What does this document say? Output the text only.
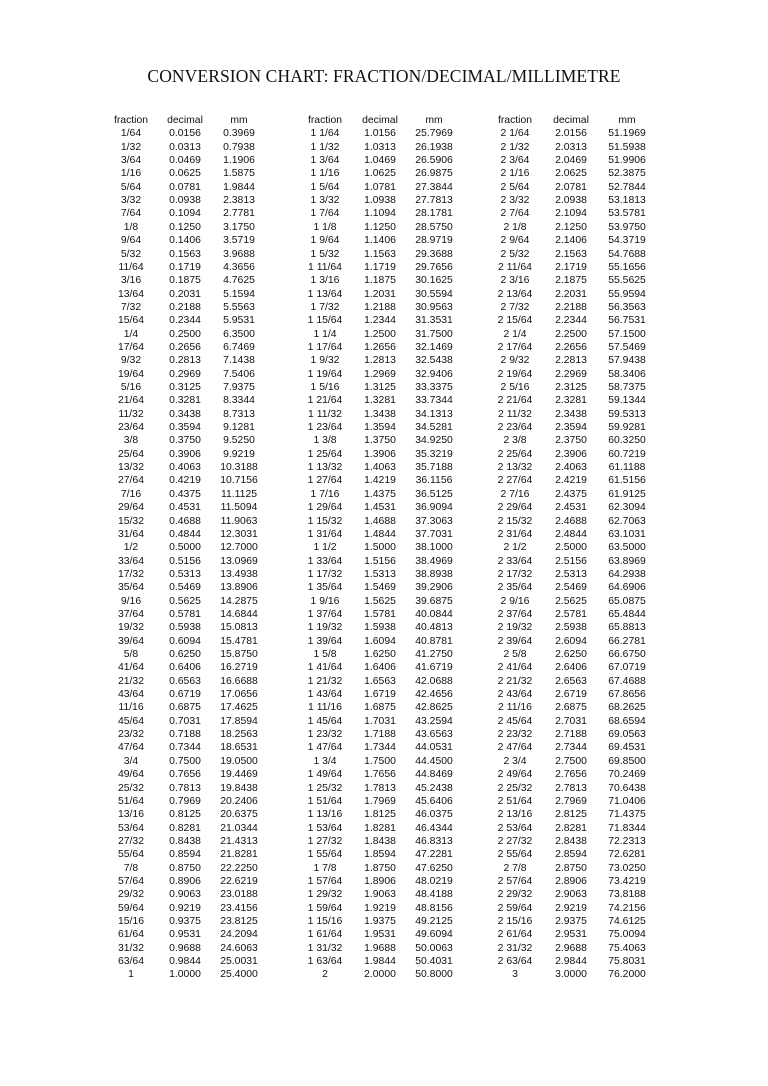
CONVERSION CHART: FRACTION/DECIMAL/MILLIMETRE
fraction	decimal	mm
1/64	0.0156	0.3969
1/32	0.0313	0.7938
3/64	0.0469	1.1906
1/16	0.0625	1.5875
5/64	0.0781	1.9844
3/32	0.0938	2.3813
7/64	0.1094	2.7781
1/8	0.1250	3.1750
9/64	0.1406	3.5719
5/32	0.1563	3.9688
11/64	0.1719	4.3656
3/16	0.1875	4.7625
13/64	0.2031	5.1594
7/32	0.2188	5.5563
15/64	0.2344	5.9531
1/4	0.2500	6.3500
17/64	0.2656	6.7469
9/32	0.2813	7.1438
19/64	0.2969	7.5406
5/16	0.3125	7.9375
21/64	0.3281	8.3344
11/32	0.3438	8.7313
23/64	0.3594	9.1281
3/8	0.3750	9.5250
25/64	0.3906	9.9219
13/32	0.4063	10.3188
27/64	0.4219	10.7156
7/16	0.4375	11.1125
29/64	0.4531	11.5094
15/32	0.4688	11.9063
31/64	0.4844	12.3031
1/2	0.5000	12.7000
33/64	0.5156	13.0969
17/32	0.5313	13.4938
35/64	0.5469	13.8906
9/16	0.5625	14.2875
37/64	0.5781	14.6844
19/32	0.5938	15.0813
39/64	0.6094	15.4781
5/8	0.6250	15.8750
41/64	0.6406	16.2719
21/32	0.6563	16.6688
43/64	0.6719	17.0656
11/16	0.6875	17.4625
45/64	0.7031	17.8594
23/32	0.7188	18.2563
47/64	0.7344	18.6531
3/4	0.7500	19.0500
49/64	0.7656	19.4469
25/32	0.7813	19.8438
51/64	0.7969	20.2406
13/16	0.8125	20.6375
53/64	0.8281	21.0344
27/32	0.8438	21.4313
55/64	0.8594	21.8281
7/8	0.8750	22.2250
57/64	0.8906	22.6219
29/32	0.9063	23.0188
59/64	0.9219	23.4156
15/16	0.9375	23.8125
61/64	0.9531	24.2094
31/32	0.9688	24.6063
63/64	0.9844	25.0031
1	1.0000	25.4000
fraction	decimal	mm
1 1/64	1.0156	25.7969
1 1/32	1.0313	26.1938
1 3/64	1.0469	26.5906
1 1/16	1.0625	26.9875
1 5/64	1.0781	27.3844
1 3/32	1.0938	27.7813
1 7/64	1.1094	28.1781
1 1/8	1.1250	28.5750
1 9/64	1.1406	28.9719
1 5/32	1.1563	29.3688
1 11/64	1.1719	29.7656
1 3/16	1.1875	30.1625
1 13/64	1.2031	30.5594
1 7/32	1.2188	30.9563
1 15/64	1.2344	31.3531
1 1/4	1.2500	31.7500
1 17/64	1.2656	32.1469
1 9/32	1.2813	32.5438
1 19/64	1.2969	32.9406
1 5/16	1.3125	33.3375
1 21/64	1.3281	33.7344
1 11/32	1.3438	34.1313
1 23/64	1.3594	34.5281
1 3/8	1.3750	34.9250
1 25/64	1.3906	35.3219
1 13/32	1.4063	35.7188
1 27/64	1.4219	36.1156
1 7/16	1.4375	36.5125
1 29/64	1.4531	36.9094
1 15/32	1.4688	37.3063
1 31/64	1.4844	37.7031
1 1/2	1.5000	38.1000
1 33/64	1.5156	38.4969
1 17/32	1.5313	38.8938
1 35/64	1.5469	39.2906
1 9/16	1.5625	39.6875
1 37/64	1.5781	40.0844
1 19/32	1.5938	40.4813
1 39/64	1.6094	40.8781
1 5/8	1.6250	41.2750
1 41/64	1.6406	41.6719
1 21/32	1.6563	42.0688
1 43/64	1.6719	42.4656
1 11/16	1.6875	42.8625
1 45/64	1.7031	43.2594
1 23/32	1.7188	43.6563
1 47/64	1.7344	44.0531
1 3/4	1.7500	44.4500
1 49/64	1.7656	44.8469
1 25/32	1.7813	45.2438
1 51/64	1.7969	45.6406
1 13/16	1.8125	46.0375
1 53/64	1.8281	46.4344
1 27/32	1.8438	46.8313
1 55/64	1.8594	47.2281
1 7/8	1.8750	47.6250
1 57/64	1.8906	48.0219
1 29/32	1.9063	48.4188
1 59/64	1.9219	48.8156
1 15/16	1.9375	49.2125
1 61/64	1.9531	49.6094
1 31/32	1.9688	50.0063
1 63/64	1.9844	50.4031
2	2.0000	50.8000
fraction	decimal	mm
2 1/64	2.0156	51.1969
2 1/32	2.0313	51.5938
2 3/64	2.0469	51.9906
2 1/16	2.0625	52.3875
2 5/64	2.0781	52.7844
2 3/32	2.0938	53.1813
2 7/64	2.1094	53.5781
2 1/8	2.1250	53.9750
2 9/64	2.1406	54.3719
2 5/32	2.1563	54.7688
2 11/64	2.1719	55.1656
2 3/16	2.1875	55.5625
2 13/64	2.2031	55.9594
2 7/32	2.2188	56.3563
2 15/64	2.2344	56.7531
2 1/4	2.2500	57.1500
2 17/64	2.2656	57.5469
2 9/32	2.2813	57.9438
2 19/64	2.2969	58.3406
2 5/16	2.3125	58.7375
2 21/64	2.3281	59.1344
2 11/32	2.3438	59.5313
2 23/64	2.3594	59.9281
2 3/8	2.3750	60.3250
2 25/64	2.3906	60.7219
2 13/32	2.4063	61.1188
2 27/64	2.4219	61.5156
2 7/16	2.4375	61.9125
2 29/64	2.4531	62.3094
2 15/32	2.4688	62.7063
2 31/64	2.4844	63.1031
2 1/2	2.5000	63.5000
2 33/64	2.5156	63.8969
2 17/32	2.5313	64.2938
2 35/64	2.5469	64.6906
2 9/16	2.5625	65.0875
2 37/64	2.5781	65.4844
2 19/32	2.5938	65.8813
2 39/64	2.6094	66.2781
2 5/8	2.6250	66.6750
2 41/64	2.6406	67.0719
2 21/32	2.6563	67.4688
2 43/64	2.6719	67.8656
2 11/16	2.6875	68.2625
2 45/64	2.7031	68.6594
2 23/32	2.7188	69.0563
2 47/64	2.7344	69.4531
2 3/4	2.7500	69.8500
2 49/64	2.7656	70.2469
2 25/32	2.7813	70.6438
2 51/64	2.7969	71.0406
2 13/16	2.8125	71.4375
2 53/64	2.8281	71.8344
2 27/32	2.8438	72.2313
2 55/64	2.8594	72.6281
2 7/8	2.8750	73.0250
2 57/64	2.8906	73.4219
2 29/32	2.9063	73.8188
2 59/64	2.9219	74.2156
2 15/16	2.9375	74.6125
2 61/64	2.9531	75.0094
2 31/32	2.9688	75.4063
2 63/64	2.9844	75.8031
3	3.0000	76.2000
